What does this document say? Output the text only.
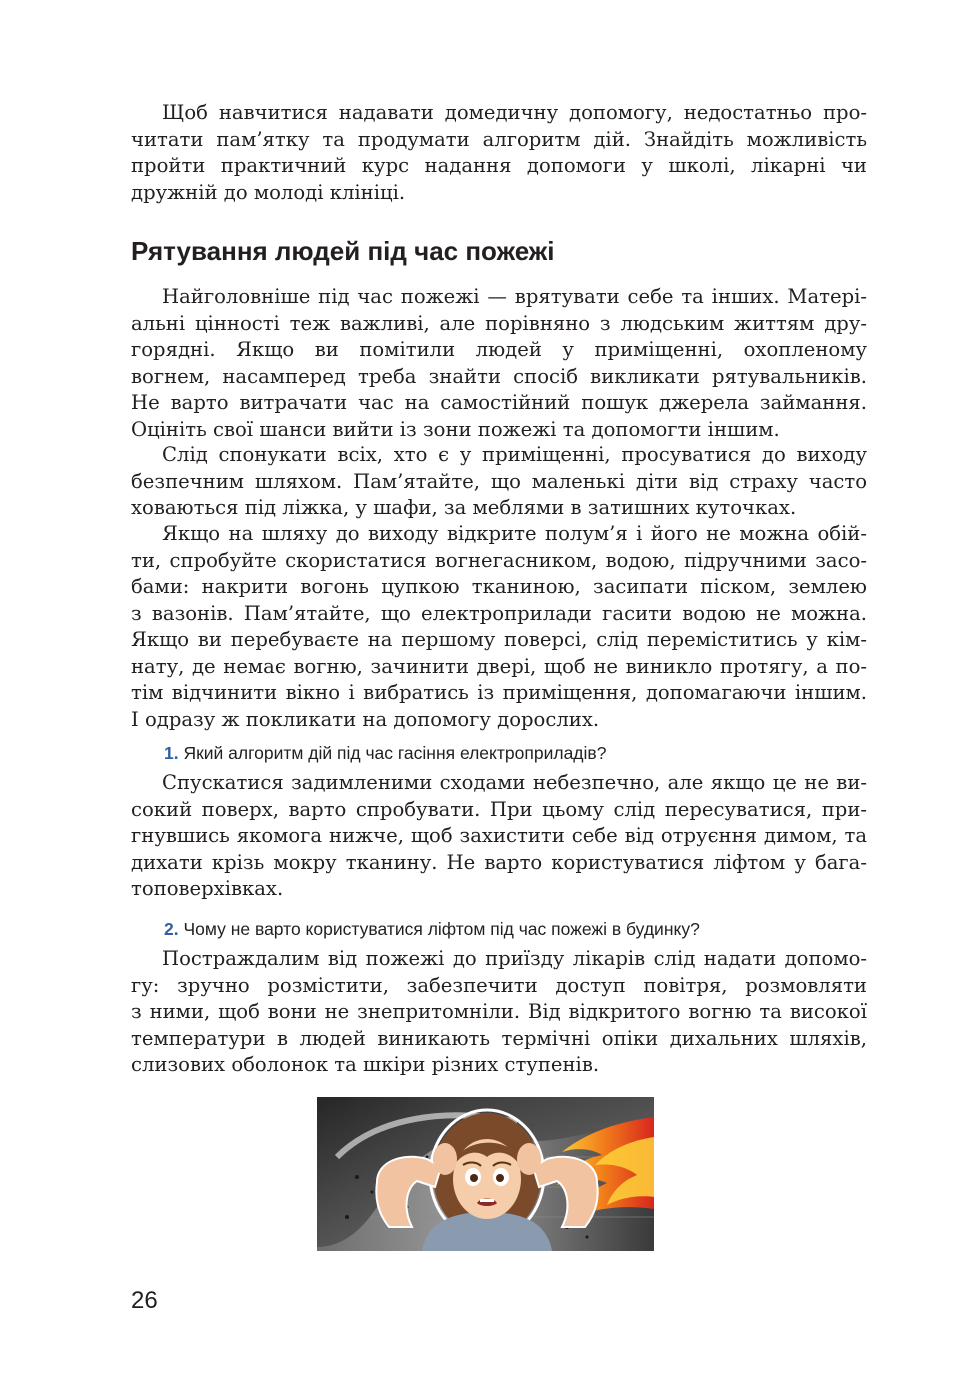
Щоб навчитися надавати домедичну допомогу, недостатньо про-
читати пам’ятку та продумати алгоритм дій. Знайдіть можливість
пройти практичний курс надання допомоги у школі, лікарні чи
дружній до молоді клініці.
Рятування людей під час пожежі
Найголовніше під час пожежі — врятувати себе та інших. Матері-
альні цінності теж важливі, але порівняно з людським життям дру-
горядні. Якщо ви помітили людей у приміщенні, охопленому
вогнем, насамперед треба знайти спосіб викликати рятувальників.
Не варто витрачати час на самостійний пошук джерела займання.
Оцініть свої шанси вийти із зони пожежі та допомогти іншим.
Слід спонукати всіх, хто є у приміщенні, просуватися до виходу
безпечним шляхом. Пам’ятайте, що маленькі діти від страху часто
ховаються під ліжка, у шафи, за меблями в затишних куточках.
Якщо на шляху до виходу відкрите полум’я і його не можна обій-
ти, спробуйте скористатися вогнегасником, водою, підручними засо-
бами: накрити вогонь цупкою тканиною, засипати піском, землею
з вазонів. Пам’ятайте, що електроприлади гасити водою не можна.
Якщо ви перебуваєте на першому поверсі, слід переміститись у кім-
нату, де немає вогню, зачинити двері, щоб не виникло протягу, а по-
тім відчинити вікно і вибратись із приміщення, допомагаючи іншим.
І одразу ж покликати на допомогу дорослих.
1. Який алгоритм дій під час гасіння електроприладів?
Спускатися задимленими сходами небезпечно, але якщо це не ви-
сокий поверх, варто спробувати. При цьому слід пересуватися, при-
гнувшись якомога нижче, щоб захистити себе від отруєння димом, та
дихати крізь мокру тканину. Не варто користуватися ліфтом у бага-
топоверхівках.
2. Чому не варто користуватися ліфтом під час пожежі в будинку?
Постраждалим від пожежі до приїзду лікарів слід надати допомо-
гу: зручно розмістити, забезпечити доступ повітря, розмовляти
з ними, щоб вони не знепритомніли. Від відкритого вогню та високої
температури в людей виникають термічні опіки дихальних шляхів,
слизових оболонок та шкіри різних ступенів.
26
